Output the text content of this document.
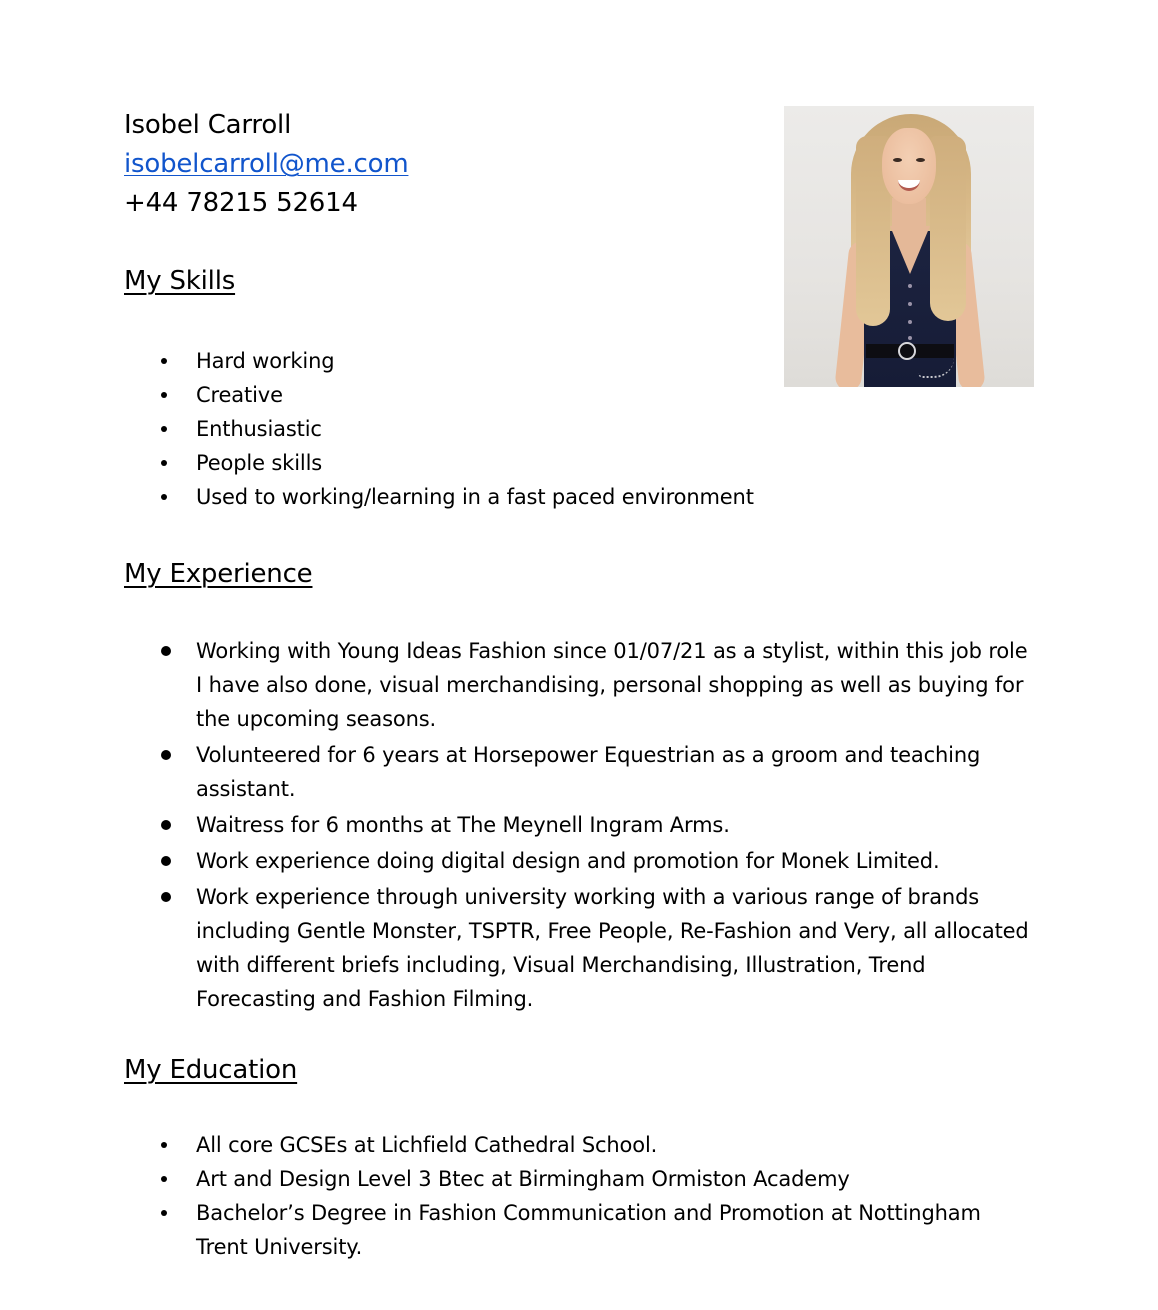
Isobel Carroll
isobelcarroll@me.com
+44 78215 52614
My Skills
Hard working
Creative
Enthusiastic
People skills
Used to working/learning in a fast paced environment
My Experience
Working with Young Ideas Fashion since 01/07/21 as a stylist, within this job role I have also done, visual merchandising, personal shopping as well as buying for the upcoming seasons.
Volunteered for 6 years at Horsepower Equestrian as a groom and teaching assistant.
Waitress for 6 months at The Meynell Ingram Arms.
Work experience doing digital design and promotion for Monek Limited.
Work experience through university working with a various range of brands including Gentle Monster, TSPTR, Free People, Re-Fashion and Very, all allocated with different briefs including, Visual Merchandising, Illustration, Trend Forecasting and Fashion Filming.
My Education
All core GCSEs at Lichfield Cathedral School.
Art and Design Level 3 Btec at Birmingham Ormiston Academy
Bachelor’s Degree in Fashion Communication and Promotion at Nottingham Trent University.
